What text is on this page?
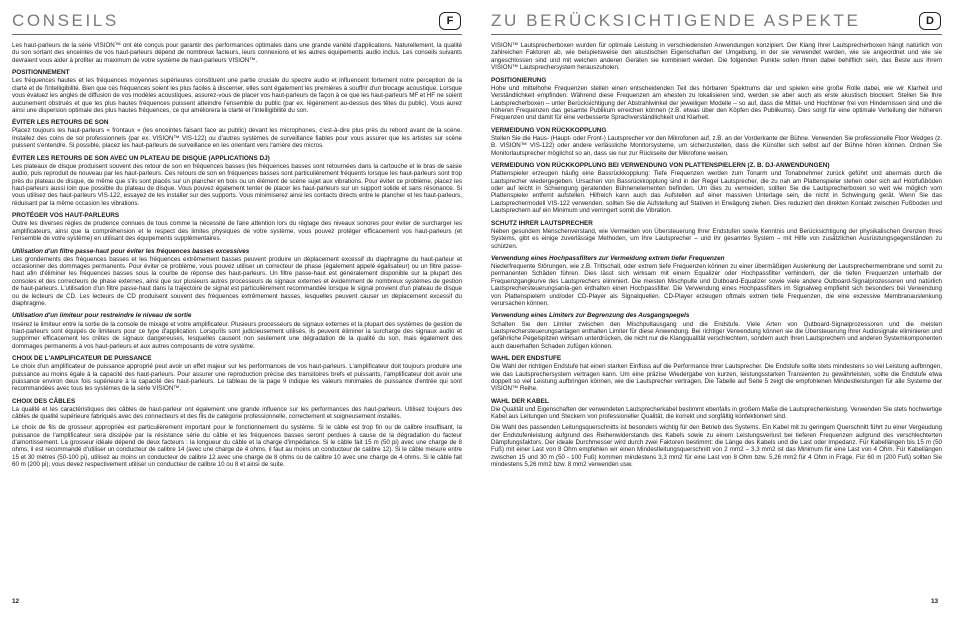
CONSEILS	F

Les haut-parleurs de la série VISION™ ont été conçus pour garantir des performances optimales dans une grande variété d'applications. Naturellement, la qualité du son sortant des enceintes de vos haut-parleurs dépend de nombreux facteurs, leurs connexions et les autres équipements audio inclus. Les conseils suivants devraient vous aider à profiter au maximum de votre système de haut-parleurs VISION™.

POSITIONNEMENT

Les fréquences hautes et les fréquences moyennes supérieures constituent une partie cruciale du spectre audio et influencent fortement notre perception de la clarté et de l'intelligibilité. Bien que ces fréquences soient les plus faciles à discerner, elles sont également les premières à souffrir d'un blocage acoustique. Lorsque vous évaluez les angles de diffusion de vos modèles acoustiques, assurez-vous de placer vos haut-parleurs de façon à ce que les haut-parleurs MF et HF ne soient aucunement obstrués et que les plus hautes fréquences puissent atteindre l'ensemble du public (par ex. légèrement au-dessus des têtes du public). Vous aurez ainsi une dispersion optimale des plus hautes fréquences, ce qui améliorera la clarté et l'intelligibilité du son.

ÉVITER LES RETOURS DE SON

Placez toujours les haut-parleurs « frontaux » (les enceintes faisant face au public) devant les microphones, c'est-à-dire plus près du rebord avant de la scène. Installez des coins de sol professionnels (par ex. VISION™ VIS-122) ou d'autres systèmes de surveillance fiables pour vous assurer que les artistes sur scène puissent s'entendre. Si possible, placez les haut-parleurs de surveillance en les orientant vers l'arrière des micros.

ÉVITER LES RETOURS DE SON AVEC UN PLATEAU DE DISQUE (APPLICATIONS DJ)

Les plateaux de disque produisent souvent des retour de son en fréquences basses (les fréquences basses sont retournées dans la cartouche et le bras de saisie audio, puis reproduit de nouveau par les haut-parleurs. Ces retours de son en fréquences basses sont particulièrement fréquents lorsque les haut-parleurs sont trop près du plateau de disque, de même que s'ils sont placés sur un plancher en bois ou un élément de scène sujet aux vibrations. Pour éviter ce problème, placez les haut-parleurs aussi loin que possible du plateau de disque. Vous pouvez également tenter de placer les haut-parleurs sur un support solide et sans résonance. Si vous utilisez des haut-parleurs VIS-122, essayez de les installer sur des supports. Vous minimiserez ainsi les contacts directs entre le plancher et les haut-parleurs, réduisant par la même occasion les vibrations.

PROTÉGER VOS HAUT-PARLEURS

Outre les diverses règles de prudence connues de tous comme la nécessité de faire attention lors du réglage des niveaux sonores pour éviter de surcharger les amplificateurs, ainsi que la compréhension et le respect des limites physiques de votre système, vous pouvez protéger efficacement vos haut-parleurs (et l'ensemble de votre système) en utilisant des équipements supplémentaires.

Utilisation d'un filtre passe-haut pour éviter les fréquences basses excessives

Les grondements des fréquences basses et les fréquences extrêmement basses peuvent produire un déplacement excessif du diaphragme du haut-parleur et occasionner des dommages permanents. Pour éviter ce problème, vous pouvez utiliser un correcteur de phase (également appelé égalisateur) ou un filtre passe-haut afin d'éliminer les fréquences basses sous la courbe de réponse des haut-parleurs. Un filtre passe-haut est généralement disponible sur la plupart des consoles et des correcteurs de phase externes, ainsi que sur plusieurs autres processeurs de signaux externes et évidemment de nombreux systèmes de gestion de haut-parleurs. L'utilisation d'un filtre passe-haut dans la trajectoire de signal est particulièrement recommandée lorsque le signal provient d'un plateau de disque ou de lecteurs de CD. Les lecteurs de CD produisent souvent des fréquences extrêmement basses, lesquelles peuvent causer un déplacement excessif du diaphragme.

Utilisation d'un limiteur pour restreindre le niveau de sortie

Insérez le limiteur entre la sortie de la console de mixage et votre amplificateur. Plusieurs processeurs de signaux externes et la plupart des systèmes de gestion de haut-parleurs sont équipés de limiteurs pour ce type d'application. Lorsqu'ils sont judicieusement utilisés, ils peuvent éliminer la surcharge des signaux audio et supprimer efficacement les crêtes de signaux dangereuses, lesquelles causent non seulement une dégradation de la qualité du son, mais également des dommages permanents à vos haut-parleurs et aux autres composants de votre système.

CHOIX DE L'AMPLIFICATEUR DE PUISSANCE

Le choix d'un amplificateur de puissance approprié peut avoir un effet majeur sur les performances de vos haut-parleurs. L'amplificateur doit toujours produire une puissance au moins égale à la capacité des haut-parleurs. Pour assurer une reproduction précise des transitoires brefs et puissants, l'amplificateur doit avoir une puissance environ deux fois supérieure à la capacité des haut-parleurs. Le tableau de la page 9 indique les valeurs minimales de puissance d'entrée qui sont recommandées avec tous les systèmes de la série VISION™.

CHOIX DES CÂBLES

La qualité et les caractéristiques des câbles de haut-parleur ont également une grande influence sur les performances des haut-parleurs. Utilisez toujours des câbles de qualité supérieure fabriqués avec des connecteurs et des fils de catégorie professionnelle, correctement et soigneusement installés.

Le choix de fils de grosseur appropriée est particulièrement important pour le fonctionnement du système. Si le câble est trop fin ou de calibre insuffisant, la puissance de l'amplificateur sera dissipée par la résistance série du câble et les fréquences basses seront perdues à cause de la dégradation du facteur d'amortissement. La grosseur idéale dépend de deux facteurs : la longueur du câble et la charge d'impédance. Si le câble fait 15 m (50 pi) avec une charge de 8 ohms, il est recommandé d'utiliser un conducteur de calibre 14 (avec une charge de 4 ohms, il faut au moins un conducteur de calibre 12). Si le câble mesure entre 15 et 30 mètres (50-100 pi), utilisez au moins un conducteur de calibre 12 avec une charge de 8 ohms ou de calibre 10 avec une charge de 4 ohms. Si le câble fait 60 m (200 pi), vous devez respectivement utiliser un conducteur de calibre 10 ou 8 et ainsi de suite.

12
ZU BERÜCKSICHTIGENDE ASPEKTE	D

VISION™ Lautsprecherboxen wurden für optimale Leistung in verschiedensten Anwendungen konzipiert. Der Klang Ihrer Lautsprecherboxen hängt natürlich von zahlreichen Faktoren ab, wie beispielsweise den akustischen Eigenschaften der Umgebung, in der sie verwendet werden, wie sie angeordnet und wie sie angeschlossen sind und mit welchen anderen Geräten sie kombiniert werden. Die folgenden Punkte sollen Ihnen dabei behilflich sein, das Beste aus Ihrem VISION™ Lautsprechersystem herauszuholen.

POSITIONIERUNG

Hohe und mittelhohe Frequenzen stellen einen entscheidenden Teil des hörbaren Spektrums dar und spielen eine große Rolle dabei, wie wir Klarheit und Verständlichkeit empfinden. Während diese Frequenzen am ehesten zu lokalisieren sind, werden sie aber auch als erste akustisch blockiert. Stellen Sie Ihre Lautsprecherboxen – unter Berücksichtigung der Abstrahlwinkel der jeweiligen Modelle – so auf, dass die Mittel- und Hochtöner frei von Hindernissen sind und die höheren Frequenzen das gesamte Publikum erreichen können (z.B. etwas über den Köpfen des Publikums). Dies sorgt für eine optimale Verteilung der höheren Frequenzen und damit für eine verbesserte Sprachverständlichkeit und Klarheit.

VERMEIDUNG VON RÜCKKOPPLUNG

Stellen Sie die Haus- (Haupt- oder Front-) Lautsprecher vor den Mikrofonen auf, z.B. an der Vorderkante der Bühne. Verwenden Sie professionelle Floor Wedges (z. B. VISION™ VIS-122) oder andere verlässliche Monitorsysteme, um sicherzustellen, dass die Künstler sich selbst auf der Bühne hören können. Ordnen Sie Monitorlautsprecher möglichst so an, dass sie nur zur Rückseite der Mikrofone weisen.

VERMEIDUNG VON RÜCKKOPPLUNG BEI VERWENDUNG VON PLATTENSPIELERN (Z. B. DJ-ANWENDUNGEN)

Plattenspieler erzeugen häufig eine Bassrückkopplung: Tiefe Frequenzen werden zum Tonarm und Tonabnehmer zurück geführt und abermals durch die Lautsprecher wiedergegeben. Ursachen von Bassrückkopplung sind in der Regel Lautsprecher, die zu nah am Plattenspieler stehen oder sich auf Holzfußböden oder auf leicht in Schwingung geratenden Bühnenelementen befinden. Um dies zu vermeiden, sollten Sie die Lautsprecherboxen so weit wie möglich vom Plattenspieler entfernt aufstellen. Hilfreich kann auch das Aufstellen auf einer massiven Unterlage sein, die nicht in Schwingung gerät. Wenn Sie das Lautsprechermodell VIS-122 verwenden, sollten Sie die Aufstellung auf Stativen in Erwägung ziehen. Dies reduziert den direkten Kontakt zwischen Fußboden und Lautsprechern auf ein Minimum und verringert somit die Vibration.

SCHUTZ IHRER LAUTSPRECHER

Neben gesundem Menschenverstand, wie Vermeiden von Übersteuerung Ihrer Endstufen sowie Kenntnis und Berücksichtigung der physikalischen Grenzen Ihres Systems, gibt es einige zuverlässige Methoden, um Ihre Lautsprecher – und Ihr gesamtes System – mit Hilfe von zusätzlichen Ausrüstungsgegenständen zu schützen.

Verwendung eines Hochpassfilters zur Vermeidung extrem tiefer Frequenzen

Niederfrequente Störungen, wie z.B. Trittschall, oder extrem tiefe Frequenzen können zu einer übermäßigen Auslenkung der Lautsprechermembrane und somit zu permanenten Schäden führen. Dies lässt sich wirksam mit einem Equalizer oder Hochpassfilter verhindern, der die tiefen Frequenzen unterhalb der Frequenzgangkurve des Lautsprechers eliminiert. Die meisten Mischpulte und Outboard-Equalizer sowie viele andere Outboard-Signalprozessoren und natürlich Lautsprechersteuerungsanla-gen enthalten einen Hochpassfilter. Die Verwendung eines Hochpassfilters im Signalweg empfiehlt sich besonders bei Verwendung von Plattenspielern und/oder CD-Player als Signalquellen. CD-Player erzeugen oftmals extrem tiefe Frequenzen, die eine exzessive Membranauslenkung verursachen können.

Verwendung eines Limiters zur Begrenzung des Ausgangspegels

Schalten Sie den Limiter zwischen den Mischpultausgang und die Endstufe. Viele Arten von Outboard-Signalprozessoren und die meisten Lautsprechersteuerungsanlagen enthalten Limiter für diese Anwendung. Bei richtiger Verwendung können sie die Übersteuerung Ihrer Audiosignale eliminieren und gefährliche Pegelspitzen wirksam unterdrücken, die nicht nur die Klangqualität verschlechtern, sondern auch Ihren Lautsprechern und anderen Systemkomponenten auch dauerhaften Schaden zufügen können.

WAHL DER ENDSTUFE

Die Wahl der richtigen Endstufe hat einen starken Einfluss auf die Performance Ihrer Lautsprecher. Die Endstufe sollte stets mindestens so viel Leistung aufbringen, wie das Lautsprechersystem vertragen kann. Um eine präzise Wiedergabe von kurzen, leistungsstarken Transienten zu gewährleisten, sollte die Endstufe etwa doppelt so viel Leistung aufbringen können, wie die Lautsprecher vertragen. Die Tabelle auf Seite 5 zeigt die empfohlenen Mindestleistungen für alle Systeme der VISION™ Reihe.

WAHL DER KABEL

Die Qualität und Eigenschaften der verwendeten Lautsprecherkabel bestimmt ebenfalls in großem Maße die Lautsprecherleistung. Verwenden Sie stets hochwertige Kabel aus Leitungen und Steckern von professioneller Qualität, die korrekt und sorgfältig konfektioniert sind.

Die Wahl des passenden Leitungsquerschnitts ist besonders wichtig für den Betrieb des Systems. Ein Kabel mit zu geringem Querschnitt führt zu einer Vergeudung der Endstufenleistung aufgrund des Reihenwiderstands des Kabels sowie zu einem Leistungsverlust bei tieferen Frequenzen aufgrund des verschlechterten Dämpfungsfaktors. Der ideale Durchmesser wird durch zwei Faktoren bestimmt: die Länge des Kabels und die Last oder Impedanz. Für Kabellängen bis 15 m (50 Fuß) mit einer Last von 8 Ohm empfehlen wir einen Mindestleitungsquerschnitt von 2 mm2 – 3,3 mm2 ist das Minimum für eine Last von 4 Ohm. Für Kabellängen zwischen 15 und 30 m (50 - 100 Fuß) kommen mindestens 3,3 mm2 für eine Last von 8 Ohm bzw. 5,26 mm2 für 4 Ohm in Frage. Für 60 m (200 Fuß) sollten Sie mindestens 5,26 mm2 bzw. 8 mm2 verwenden usw.

13
